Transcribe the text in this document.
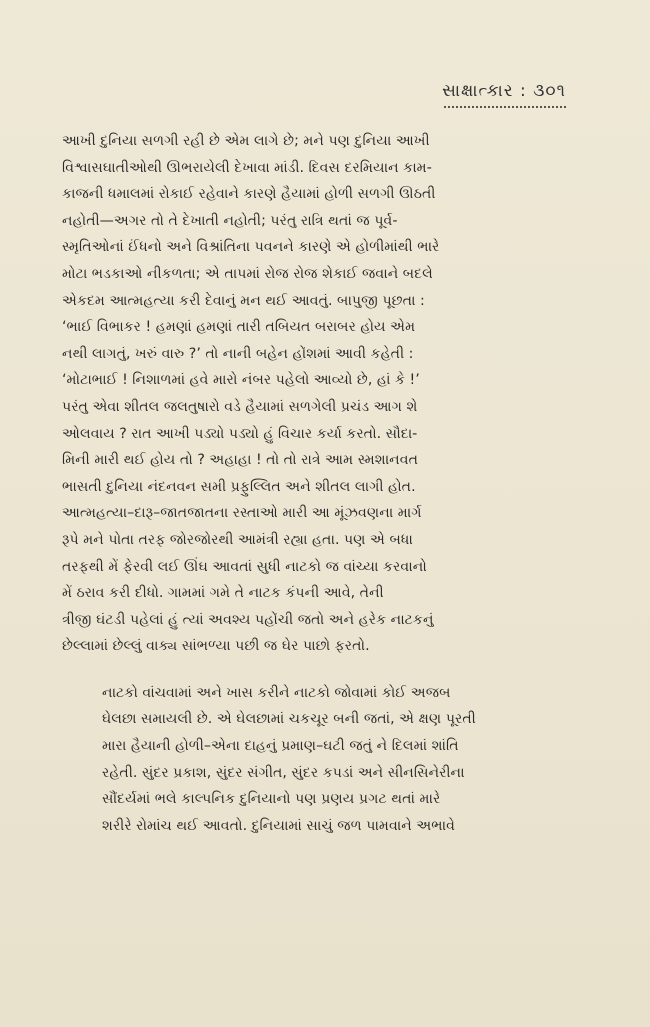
સાક્ષાત્કાર : ૩૦૧

આખી દુનિયા સળગી રહી છે એમ લાગે છે; મને પણ દુનિયા આખી
વિશ્વાસઘાતીઓથી ઊભરાયેલી દેખાવા માંડી. દિવસ દરમિયાન કામ-
કાજની ધમાલમાં રોકાઈ રહેવાને કારણે હૈયામાં હોળી સળગી ઊઠતી
નહોતી—અગર તો તે દેખાતી નહોતી; પરંતુ રાત્રિ થતાં જ પૂર્વ-
સ્મૃતિઓનાં ઈંધનો અને વિશ્રાંતિના પવનને કારણે એ હોળીમાંથી ભારે
મોટા ભડકાઓ નીકળતા; એ તાપમાં રોજ રોજ શેકાઈ જવાને બદલે
એકદમ આત્મહત્યા કરી દેવાનું મન થઈ આવતું. બાપુજી પૂછતા :
‘ભાઈ વિભાકર ! હમણાં હમણાં તારી તબિયત બરાબર હોય એમ
નથી લાગતું, ખરું વારુ ?’ તો નાની બહેન હોંશમાં આવી કહેતી :
‘મોટાભાઈ ! નિશાળમાં હવે મારો નંબર પહેલો આવ્યો છે, હાં કે !’
પરંતુ એવા શીતલ જલતુષારો વડે હૈયામાં સળગેલી પ્રચંડ આગ શે
ઓલવાય ? રાત આખી પડ્યો પડ્યો હું વિચાર કર્યા કરતો. સૌદા-
મિની મારી થઈ હોય તો ? અહાહા ! તો તો રાત્રે આમ સ્મશાનવત
ભાસતી દુનિયા નંદનવન સમી પ્રફુલ્લિત અને શીતલ લાગી હોત.
આત્મહત્યા–દારૂ–જાતજાતના રસ્તાઓ મારી આ મૂંઝવણના માર્ગ
રૂપે મને પોતા તરફ જોરજોરથી આમંત્રી રહ્યા હતા. પણ એ બધા
તરફથી મેં ફેરવી લઈ ઊંઘ આવતાં સુધી નાટકો જ વાંચ્યા કરવાનો
મેં ઠરાવ કરી દીધો. ગામમાં ગમે તે નાટક કંપની આવે, તેની
ત્રીજી ઘંટડી પહેલાં હું ત્યાં અવશ્ય પહોંચી જતો અને હરેક નાટકનું
છેલ્લામાં છેલ્લું વાક્ય સાંભળ્યા પછી જ ઘેર પાછો ફરતો.

નાટકો વાંચવામાં અને ખાસ કરીને નાટકો જોવામાં કોઈ અજબ
ઘેલછા સમાયલી છે. એ ઘેલછામાં ચકચૂર બની જતાં, એ ક્ષણ પૂરતી
મારા હૈયાની હોળી–એના દાહનું પ્રમાણ–ઘટી જતું ને દિલમાં શાંતિ
રહેતી. સુંદર પ્રકાશ, સુંદર સંગીત, સુંદર કપડાં અને સીનસિનેરીના
સૌંદર્યમાં ભલે કાલ્પનિક દુનિયાનો પણ પ્રણય પ્રગટ થતાં મારે
શરીરે રોમાંચ થઈ આવતો. દુનિયામાં સાચું જળ પામવાને અભાવે
